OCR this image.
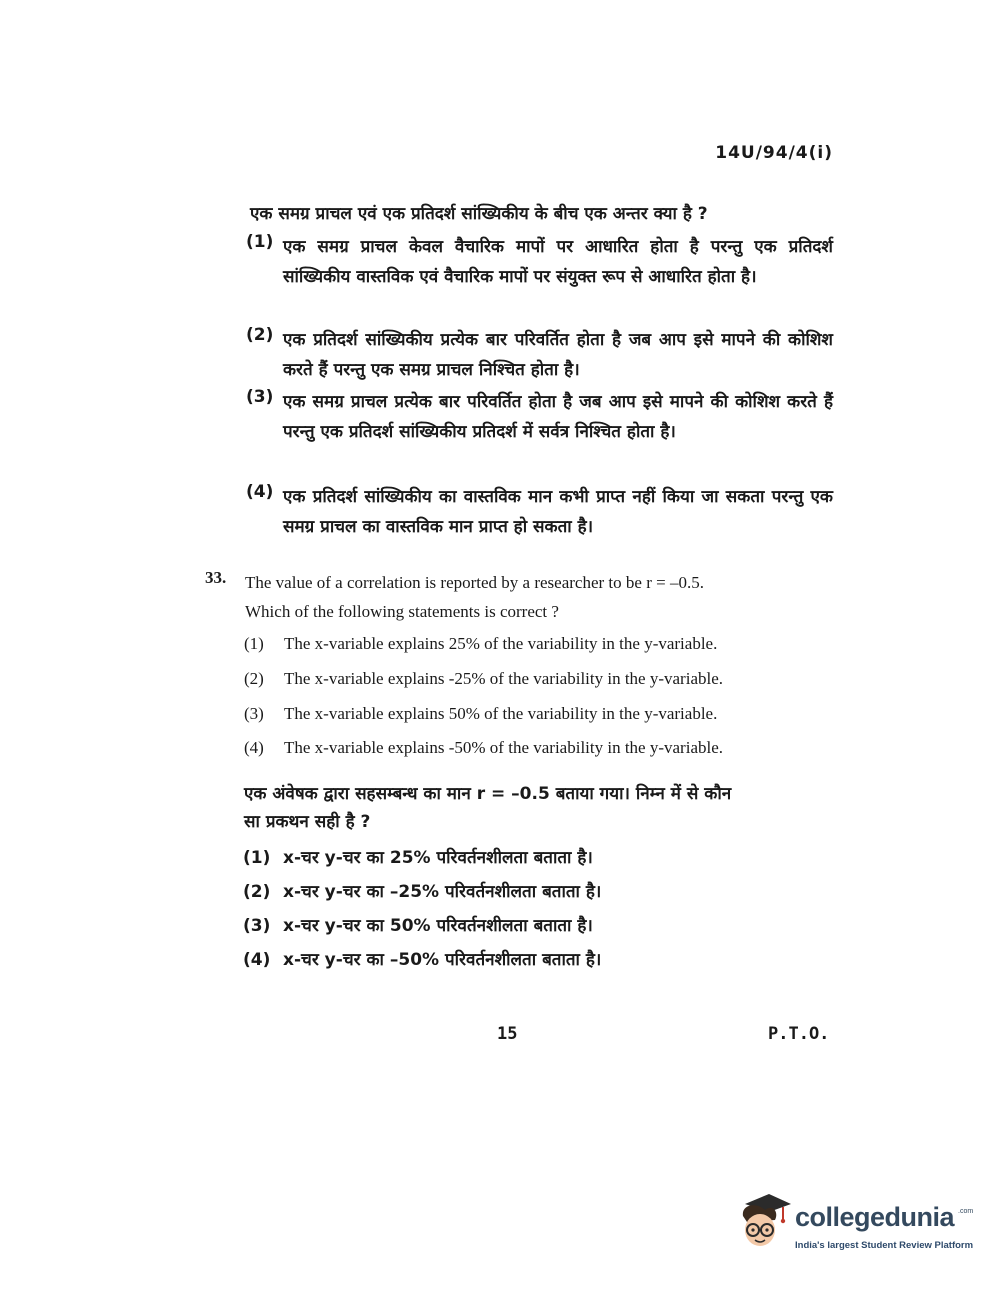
14U/94/4(i)
एक समग्र प्राचल एवं एक प्रतिदर्श सांख्यिकीय के बीच एक अन्तर क्या है ?
(1) एक समग्र प्राचल केवल वैचारिक मापों पर आधारित होता है परन्तु एक प्रतिदर्श सांख्यिकीय वास्तविक एवं वैचारिक मापों पर संयुक्त रूप से आधारित होता है।
(2) एक प्रतिदर्श सांख्यिकीय प्रत्येक बार परिवर्तित होता है जब आप इसे मापने की कोशिश करते हैं परन्तु एक समग्र प्राचल निश्चित होता है।
(3) एक समग्र प्राचल प्रत्येक बार परिवर्तित होता है जब आप इसे मापने की कोशिश करते हैं परन्तु एक प्रतिदर्श सांख्यिकीय प्रतिदर्श में सर्वत्र निश्चित होता है।
(4) एक प्रतिदर्श सांख्यिकीय का वास्तविक मान कभी प्राप्त नहीं किया जा सकता परन्तु एक समग्र प्राचल का वास्तविक मान प्राप्त हो सकता है।
33. The value of a correlation is reported by a researcher to be r = –0.5.
Which of the following statements is correct ?
(1) The x-variable explains 25% of the variability in the y-variable.
(2) The x-variable explains -25% of the variability in the y-variable.
(3) The x-variable explains 50% of the variability in the y-variable.
(4) The x-variable explains -50% of the variability in the y-variable.
एक अंवेषक द्वारा सहसम्बन्ध का मान r = –0.5 बताया गया। निम्न में से कौन
सा प्रकथन सही है ?
(1) x-चर y-चर का 25% परिवर्तनशीलता बताता है।
(2) x-चर y-चर का –25% परिवर्तनशीलता बताता है।
(3) x-चर y-चर का 50% परिवर्तनशीलता बताता है।
(4) x-चर y-चर का –50% परिवर्तनशीलता बताता है।
15	P.T.O.
collegedunia .com
India's largest Student Review Platform
